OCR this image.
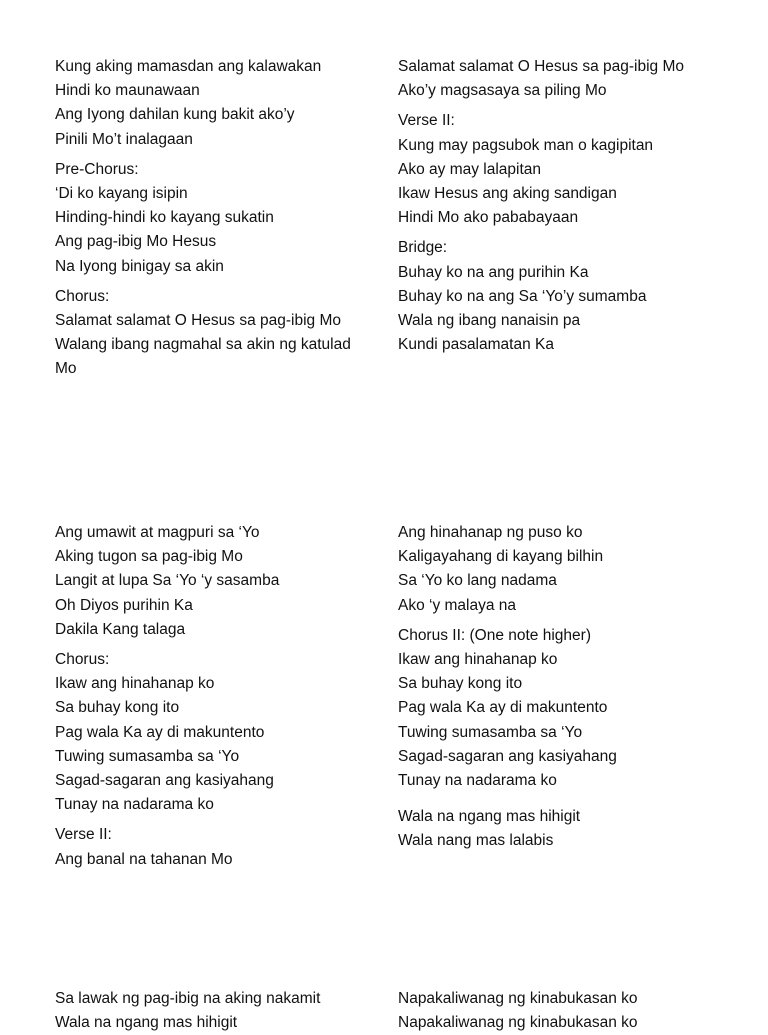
Kung aking mamasdan ang kalawakan
Hindi ko maunawaan
Ang Iyong dahilan kung bakit ako’y
Pinili Mo’t inalagaan
Pre-Chorus:
‘Di ko kayang isipin
Hinding-hindi ko kayang sukatin
Ang pag-ibig Mo Hesus
Na Iyong binigay sa akin
Chorus:
Salamat salamat O Hesus sa pag-ibig Mo
Walang ibang nagmahal sa akin ng katulad
Mo
Salamat salamat O Hesus sa pag-ibig Mo
Ako’y magsasaya sa piling Mo
Verse II:
Kung may pagsubok man o kagipitan
Ako ay may lalapitan
Ikaw Hesus ang aking sandigan
Hindi Mo ako pababayaan
Bridge:
Buhay ko na ang purihin Ka
Buhay ko na ang Sa ‘Yo’y sumamba
Wala ng ibang nanaisin pa
Kundi pasalamatan Ka
Ang umawit at magpuri sa ‘Yo
Aking tugon sa pag-ibig Mo
Langit at lupa Sa ‘Yo ‘y sasamba
Oh Diyos purihin Ka
Dakila Kang talaga
Chorus:
Ikaw ang hinahanap ko
Sa buhay kong ito
Pag wala Ka ay di makuntento
Tuwing sumasamba sa ‘Yo
Sagad-sagaran ang kasiyahang
Tunay na nadarama ko
Verse II:
Ang banal na tahanan Mo
Ang hinahanap ng puso ko
Kaligayahang di kayang bilhin
Sa ‘Yo ko lang nadama
Ako ‘y malaya na
Chorus II: (One note higher)
Ikaw ang hinahanap ko
Sa buhay kong ito
Pag wala Ka ay di makuntento
Tuwing sumasamba sa ‘Yo
Sagad-sagaran ang kasiyahang
Tunay na nadarama ko
Wala na ngang mas hihigit
Wala nang mas lalabis
Sa lawak ng pag-ibig na aking nakamit
Wala na ngang mas hihigit
Napakaliwanag ng kinabukasan ko
Napakaliwanag ng kinabukasan ko
